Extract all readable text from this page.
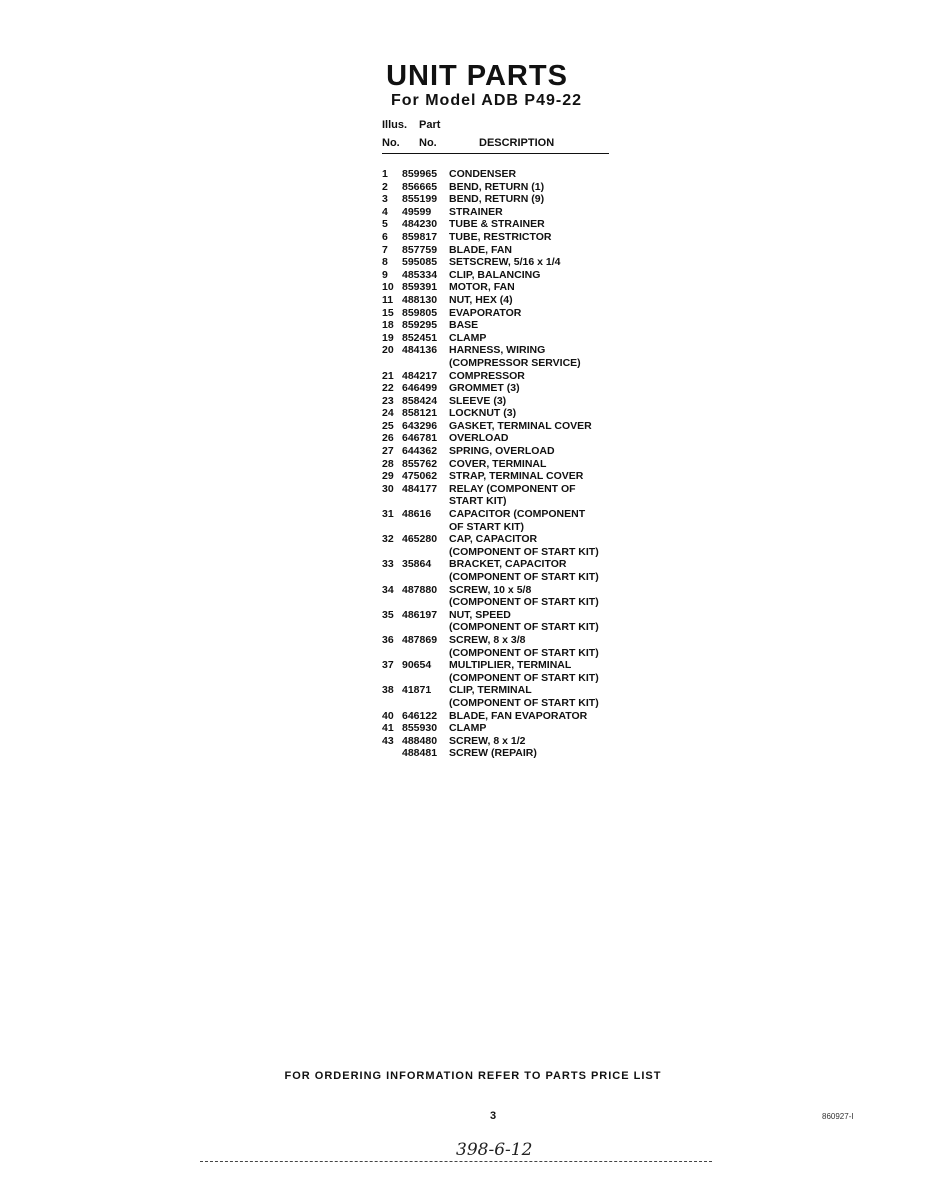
UNIT PARTS
For Model ADB P49-22
Illus. Part
No. No.	DESCRIPTION
1	859965	CONDENSER
2	856665	BEND, RETURN (1)
3	855199	BEND, RETURN (9)
4	49599	STRAINER
5	484230	TUBE & STRAINER
6	859817	TUBE, RESTRICTOR
7	857759	BLADE, FAN
8	595085	SETSCREW, 5/16 x 1/4
9	485334	CLIP, BALANCING
10 859391	MOTOR, FAN
11 488130	NUT, HEX (4)
15 859805	EVAPORATOR
18 859295	BASE
19 852451	CLAMP
20 484136	HARNESS, WIRING
(COMPRESSOR SERVICE)
21 484217	COMPRESSOR
22 646499	GROMMET (3)
23 858424	SLEEVE (3)
24 858121	LOCKNUT (3)
25 643296	GASKET, TERMINAL COVER
26 646781	OVERLOAD
27 644362	SPRING, OVERLOAD
28 855762	COVER, TERMINAL
29 475062	STRAP, TERMINAL COVER
30 484177	RELAY (COMPONENT OF
START KIT)
31 48616	CAPACITOR (COMPONENT
OF START KIT)
32 465280	CAP, CAPACITOR
(COMPONENT OF START KIT)
33 35864	BRACKET, CAPACITOR
(COMPONENT OF START KIT)
34 487880	SCREW, 10 x 5/8
(COMPONENT OF START KIT)
35 486197	NUT, SPEED
(COMPONENT OF START KIT)
36 487869	SCREW, 8 x 3/8
(COMPONENT OF START KIT)
37 90654	MULTIPLIER, TERMINAL
(COMPONENT OF START KIT)
38 41871	CLIP, TERMINAL
(COMPONENT OF START KIT)
40 646122	BLADE, FAN EVAPORATOR
41 855930	CLAMP
43 488480	SCREW, 8 x 1/2
488481	SCREW (REPAIR)
FOR ORDERING INFORMATION REFER TO PARTS PRICE LIST
3	860927-I
398-6-12
